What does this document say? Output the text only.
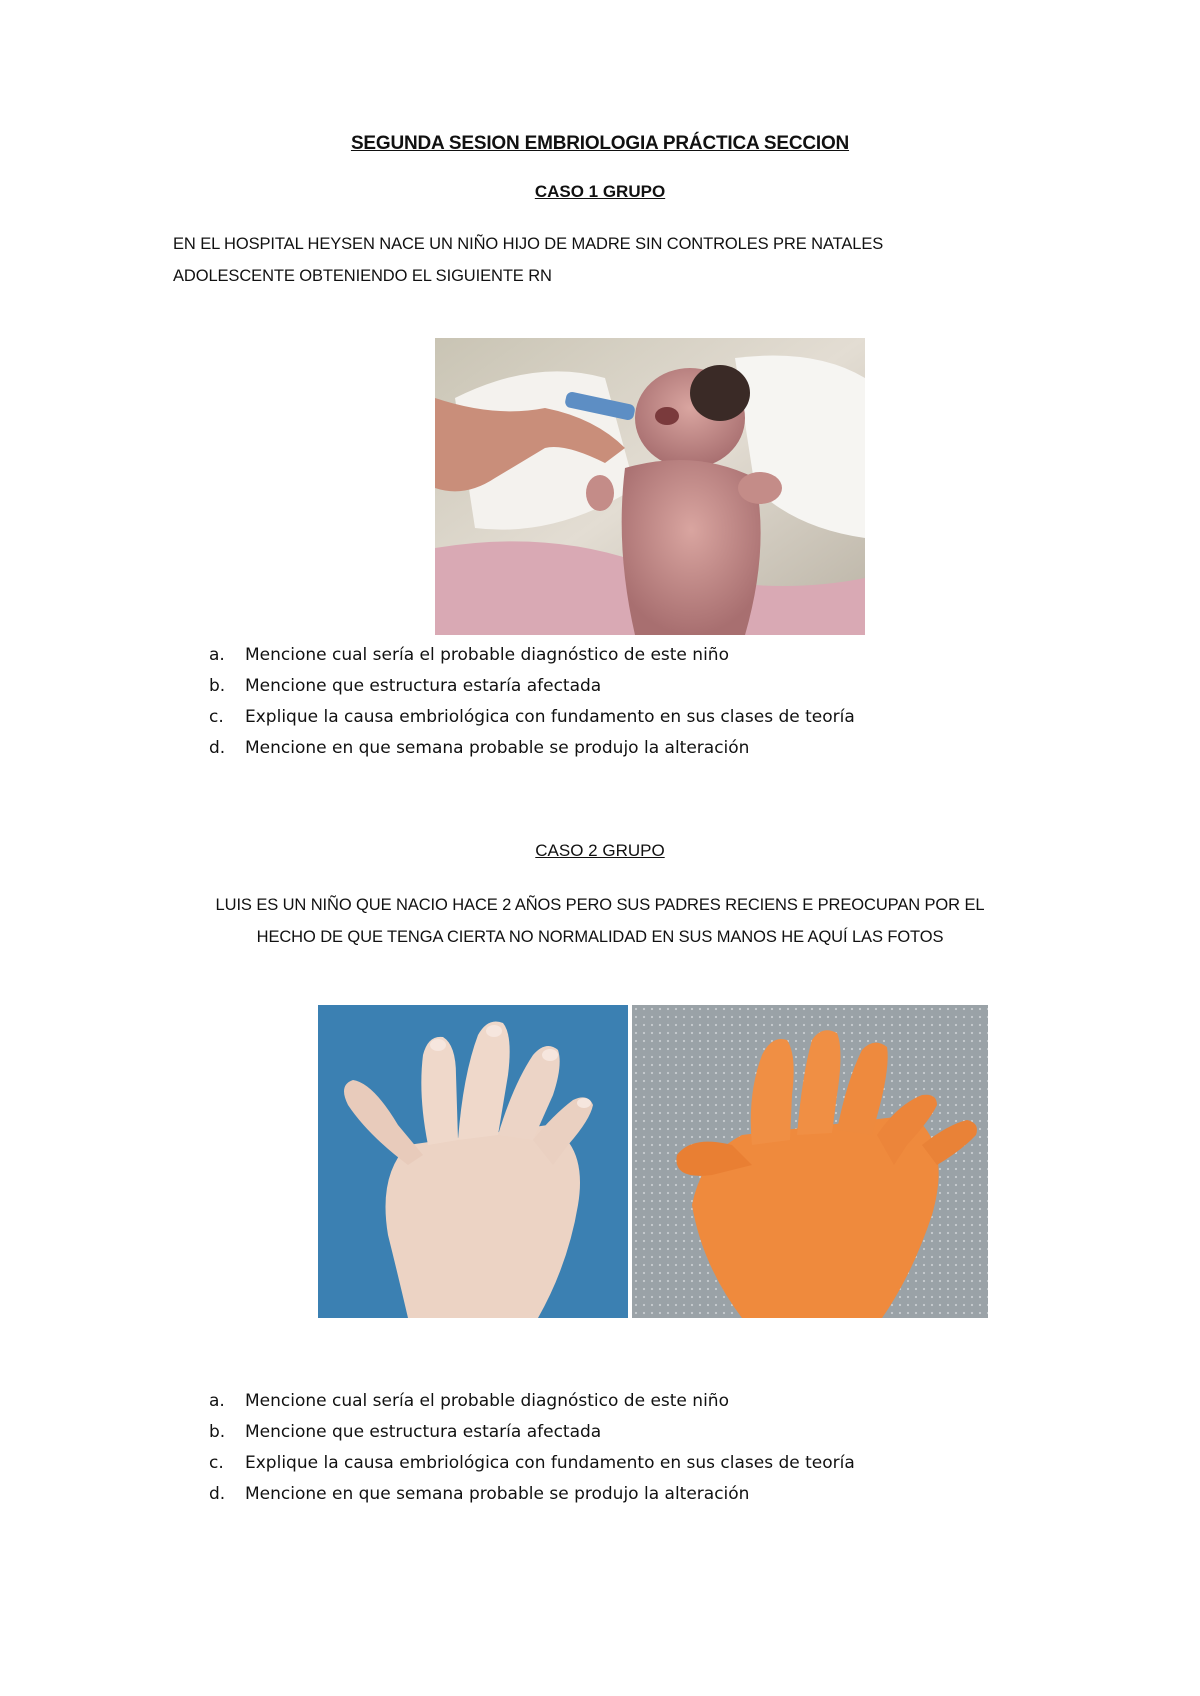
SEGUNDA SESION EMBRIOLOGIA PRÁCTICA SECCION
CASO 1 GRUPO
EN EL HOSPITAL HEYSEN NACE UN NIÑO HIJO DE MADRE SIN CONTROLES PRE NATALES
ADOLESCENTE OBTENIENDO EL SIGUIENTE RN
a. Mencione cual sería el probable diagnóstico de este niño
b. Mencione que estructura estaría afectada
c. Explique la causa embriológica con fundamento en sus clases de teoría
d. Mencione en que semana probable se produjo la alteración
CASO 2 GRUPO
LUIS ES UN NIÑO QUE NACIO HACE 2 AÑOS PERO SUS PADRES RECIENS E PREOCUPAN POR EL
HECHO DE QUE TENGA CIERTA NO NORMALIDAD EN SUS MANOS HE AQUÍ LAS FOTOS
a. Mencione cual sería el probable diagnóstico de este niño
b. Mencione que estructura estaría afectada
c. Explique la causa embriológica con fundamento en sus clases de teoría
d. Mencione en que semana probable se produjo la alteración
